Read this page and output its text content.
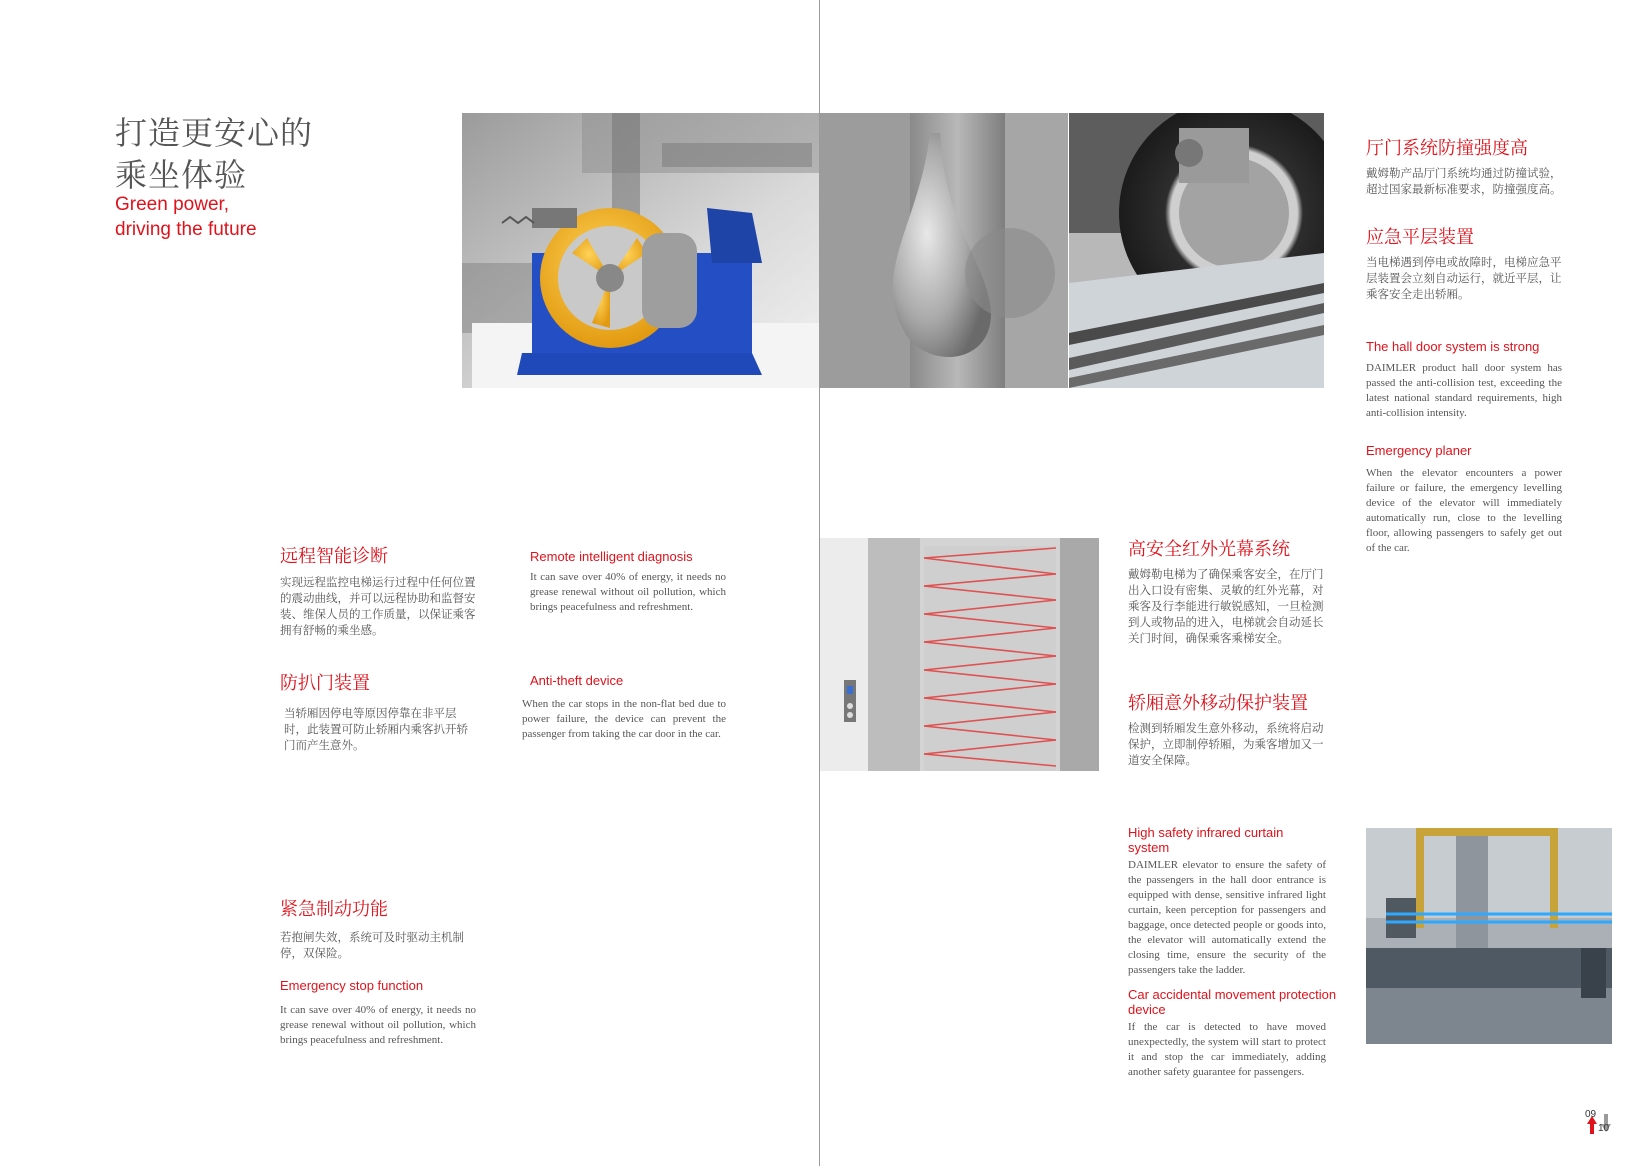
打造更安心的
乘坐体验
Green power,
driving the future
远程智能诊断
实现远程监控电梯运行过程中任何位置的震动曲线，并可以远程协助和监督安装、维保人员的工作质量，以保证乘客拥有舒畅的乘坐感。
Remote intelligent diagnosis
It can save over 40% of energy, it needs no grease renewal without oil pollution, which brings peacefulness and refreshment.
防扒门装置
当轿厢因停电等原因停靠在非平层时，此装置可防止轿厢内乘客扒开轿门而产生意外。
Anti-theft device
When the car stops in the non-flat bed due to power failure, the device can prevent the passenger from taking the car door in the car.
紧急制动功能
若抱闸失效，系统可及时驱动主机制停，双保险。
Emergency stop function
It can save over 40% of energy, it needs no grease renewal without oil pollution, which brings peacefulness and refreshment.
厅门系统防撞强度高
戴姆勒产品厅门系统均通过防撞试验，超过国家最新标准要求，防撞强度高。
应急平层装置
当电梯遇到停电或故障时，电梯应急平层装置会立刻自动运行，就近平层，让乘客安全走出轿厢。
The hall door system is strong
DAIMLER product hall door system has passed the anti-collision test, exceeding the latest national standard requirements, high anti-collision intensity.
Emergency planer
When the elevator encounters a power failure or failure, the emergency levelling device of the elevator will immediately automatically run, close to the levelling floor, allowing passengers to safely get out of the car.
高安全红外光幕系统
戴姆勒电梯为了确保乘客安全，在厅门出入口设有密集、灵敏的红外光幕，对乘客及行李能进行敏锐感知，一旦检测到人或物品的进入，电梯就会自动延长关门时间，确保乘客乘梯安全。
轿厢意外移动保护装置
检测到轿厢发生意外移动，系统将启动保护，立即制停轿厢，为乘客增加又一道安全保障。
High safety infrared curtain system
DAIMLER elevator to ensure the safety of the passengers in the hall door entrance is equipped with dense, sensitive infrared light curtain, keen perception for passengers and baggage, once detected people or goods into, the elevator will automatically extend the closing time, ensure the security of the passengers take the ladder.
Car accidental movement protection device
If the car is detected to have moved unexpectedly, the system will start to protect it and stop the car immediately, adding another safety guarantee for passengers.
09
10
